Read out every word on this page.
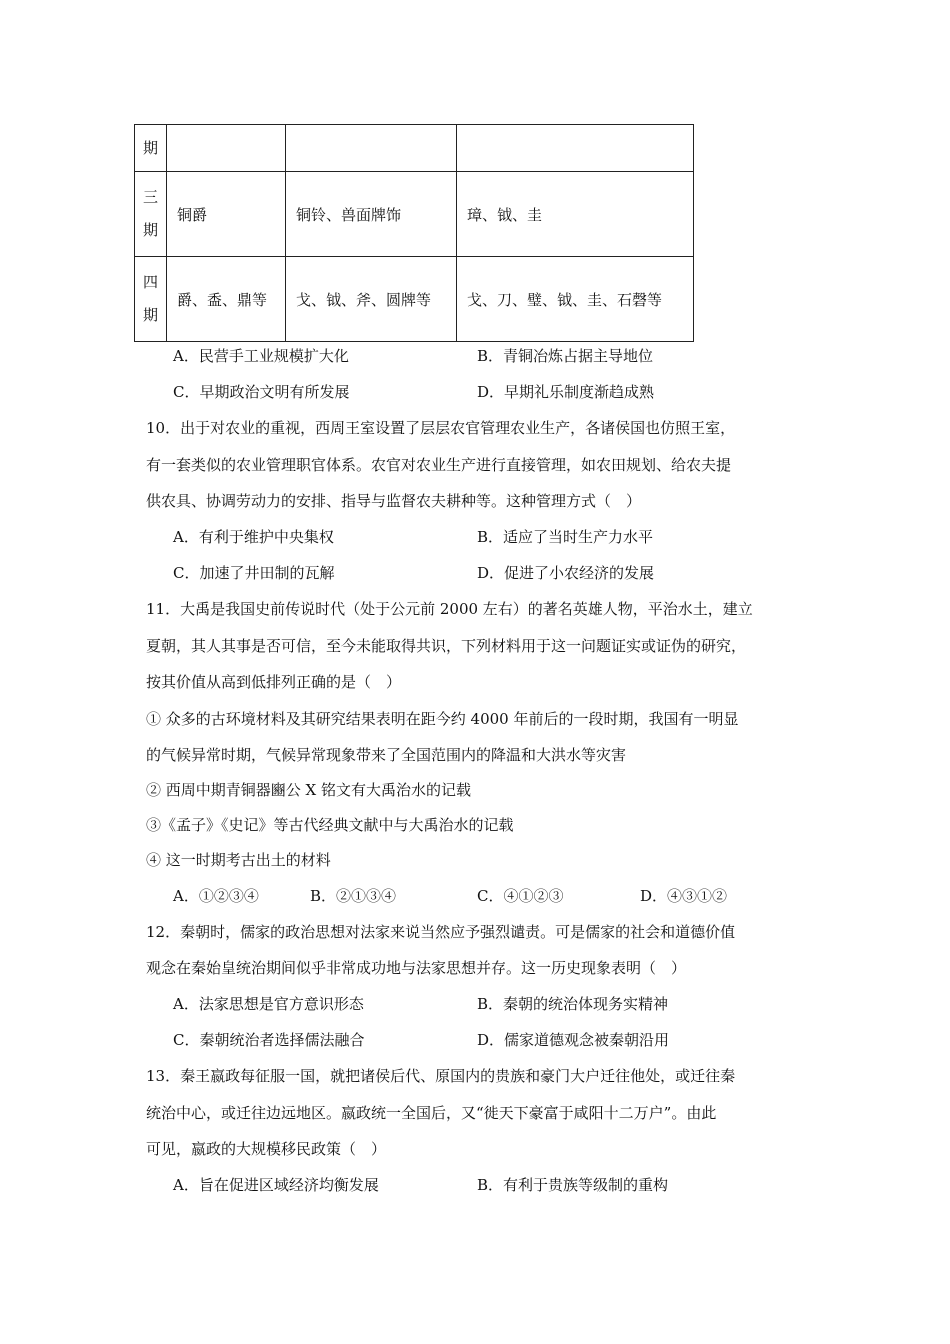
期			

三
期	铜爵	铜铃、兽面牌饰	璋、钺、圭

四
期	爵、盉、鼎等	戈、钺、斧、圆牌等	戈、刀、璧、钺、圭、石磬等
A．民营手工业规模扩大化	B．青铜冶炼占据主导地位
C．早期政治文明有所发展	D．早期礼乐制度渐趋成熟
10．出于对农业的重视，西周王室设置了层层农官管理农业生产，各诸侯国也仿照王室，
有一套类似的农业管理职官体系。农官对农业生产进行直接管理，如农田规划、给农夫提
供农具、协调劳动力的安排、指导与监督农夫耕种等。这种管理方式（　）
A．有利于维护中央集权	B．适应了当时生产力水平
C．加速了井田制的瓦解	D．促进了小农经济的发展
11．大禹是我国史前传说时代（处于公元前 2000 左右）的著名英雄人物，平治水土，建立
夏朝，其人其事是否可信，至今未能取得共识，下列材料用于这一问题证实或证伪的研究，
按其价值从高到低排列正确的是（　）
① 众多的古环境材料及其研究结果表明在距今约 4000 年前后的一段时期，我国有一明显
的气候异常时期，气候异常现象带来了全国范围内的降温和大洪水等灾害
② 西周中期青铜器豳公 X 铭文有大禹治水的记载
③《孟子》《史记》等古代经典文献中与大禹治水的记载
④ 这一时期考古出土的材料
A．①②③④	B．②①③④	C．④①②③	D．④③①②
12．秦朝时，儒家的政治思想对法家来说当然应予强烈谴责。可是儒家的社会和道德价值
观念在秦始皇统治期间似乎非常成功地与法家思想并存。这一历史现象表明（　）
A．法家思想是官方意识形态	B．秦朝的统治体现务实精神
C．秦朝统治者选择儒法融合	D．儒家道德观念被秦朝沿用
13．秦王嬴政每征服一国，就把诸侯后代、原国内的贵族和豪门大户迁往他处，或迁往秦
统治中心，或迁往边远地区。嬴政统一全国后，又“徙天下豪富于咸阳十二万户”。由此
可见，嬴政的大规模移民政策（　）
A．旨在促进区域经济均衡发展	B．有利于贵族等级制的重构
